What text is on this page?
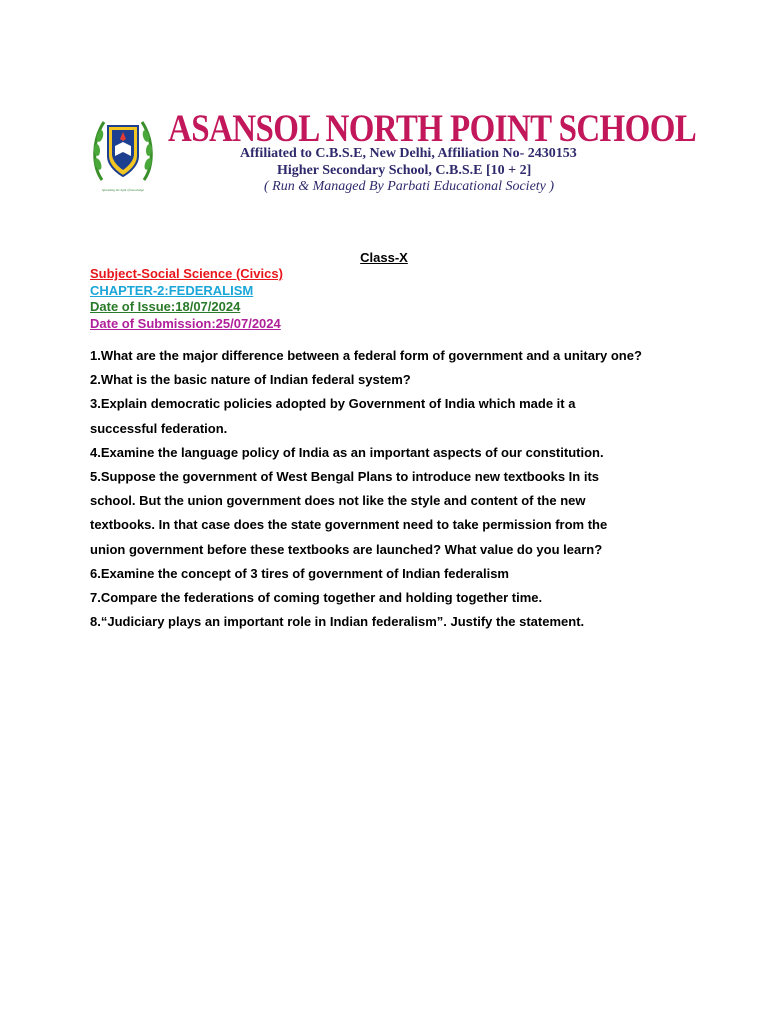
Spreading the light of knowledge
ASANSOL NORTH POINT SCHOOL

Affiliated to C.B.S.E, New Delhi, Affiliation No- 2430153

Higher Secondary School, C.B.S.E [10 + 2]

( Run & Managed By Parbati Educational Society )

Class-X

Subject-Social Science (Civics)

CHAPTER-2:FEDERALISM

Date of Issue:18/07/2024

Date of Submission:25/07/2024

1.What are the major difference between a federal form of government and a unitary one?

2.What is the basic nature of Indian federal system?

3.Explain democratic policies adopted by Government of India which made it a

successful federation.

4.Examine the language policy of India as an important aspects of our constitution.

5.Suppose the government of West Bengal Plans to introduce new textbooks In its

school. But the union government does not like the style and content of the new

textbooks. In that case does the state government need to take permission from the

union government before these textbooks are launched? What value do you learn?

6.Examine the concept of 3 tires of government of Indian federalism

7.Compare the federations of coming together and holding together time.

8.“Judiciary plays an important role in Indian federalism”. Justify the statement.
